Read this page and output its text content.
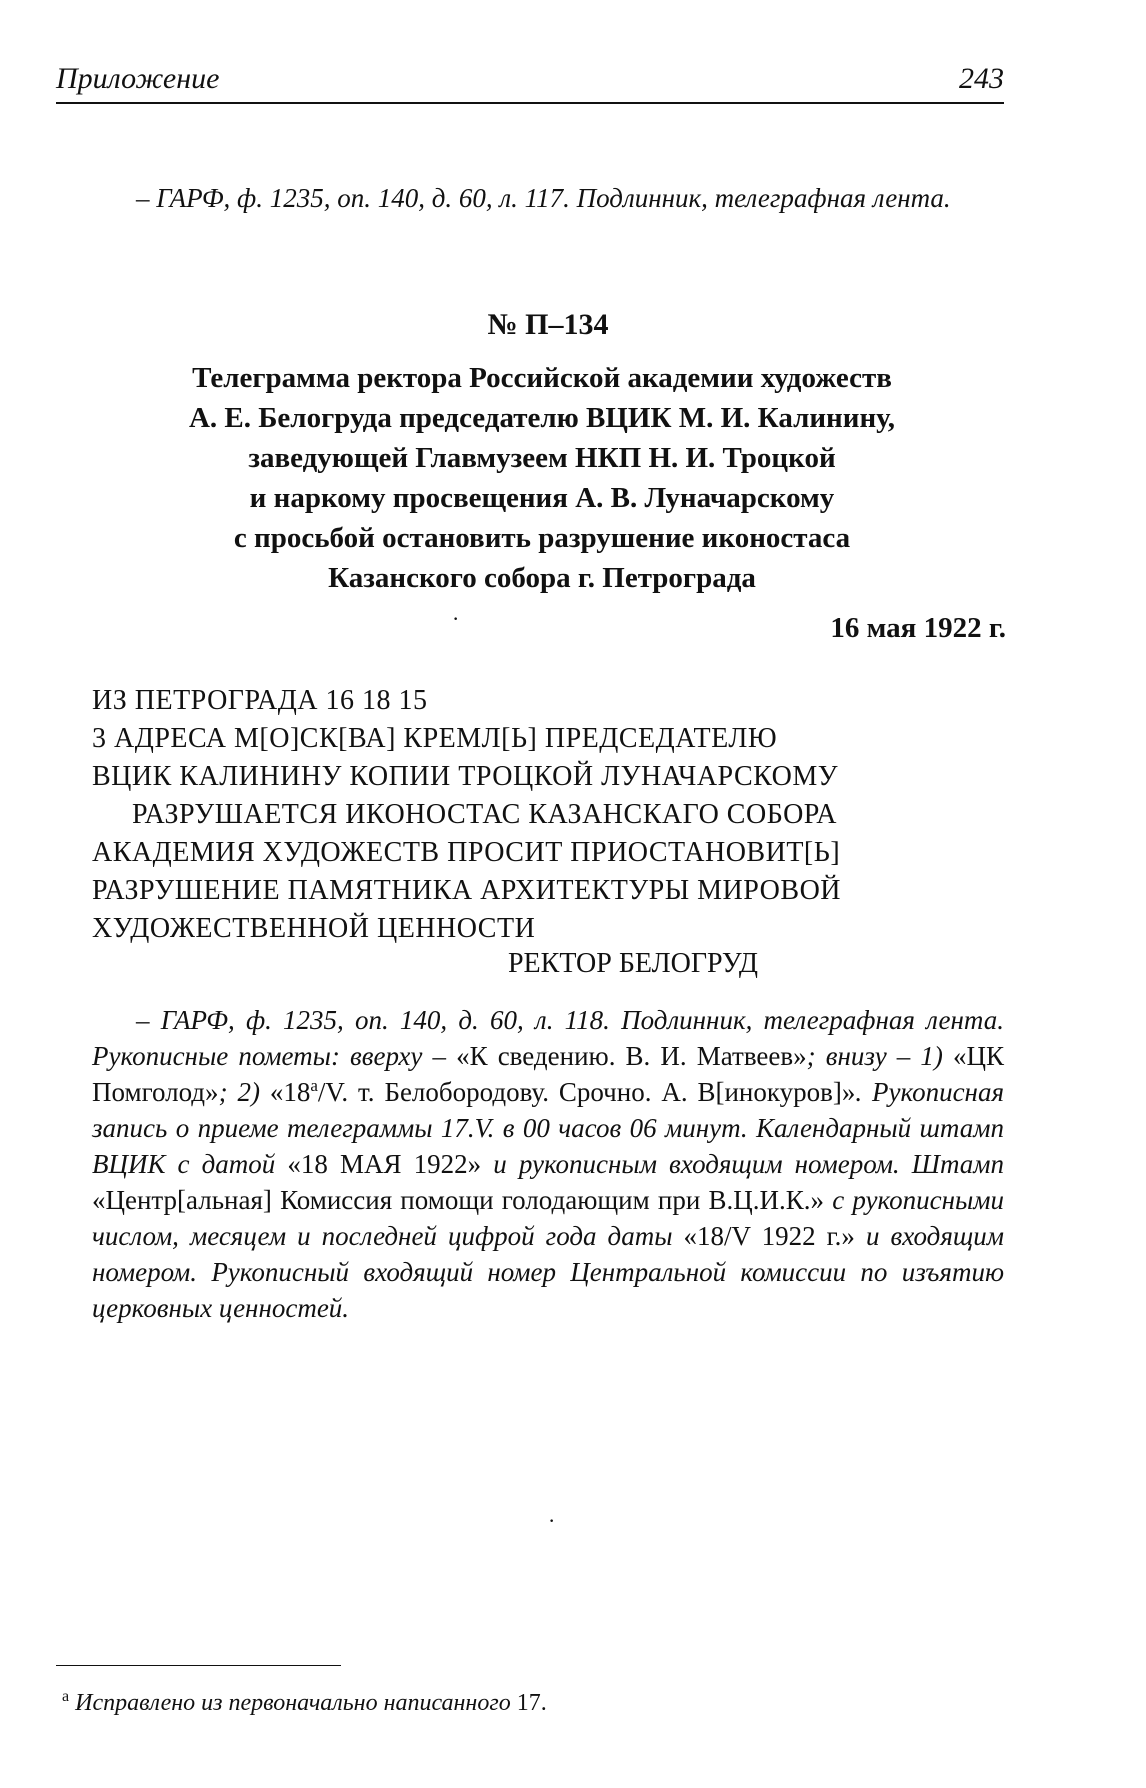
Приложение	243
– ГАРФ, ф. 1235, оп. 140, д. 60, л. 117. Подлинник, телеграфная лента.
№ П–134
Телеграмма ректора Российской академии художеств
А. Е. Белогруда председателю ВЦИК М. И. Калинину,
заведующей Главмузеем НКП Н. И. Троцкой
и наркому просвещения А. В. Луначарскому
с просьбой остановить разрушение иконостаса
Казанского собора г. Петрограда
·	16 мая 1922 г.
ИЗ ПЕТРОГРАДА 16 18 15
3 АДРЕСА М[О]СК[ВА] КРЕМЛ[Ь] ПРЕДСЕДАТЕЛЮ
ВЦИК КАЛИНИНУ КОПИИ ТРОЦКОЙ ЛУНАЧАРСКОМУ
РАЗРУШАЕТСЯ ИКОНОСТАС КАЗАНСКАГО СОБОРА
АКАДЕМИЯ ХУДОЖЕСТВ ПРОСИТ ПРИОСТАНОВИТ[Ь]
РАЗРУШЕНИЕ ПАМЯТНИКА АРХИТЕКТУРЫ МИРОВОЙ
ХУДОЖЕСТВЕННОЙ ЦЕННОСТИ
РЕКТОР БЕЛОГРУД
– ГАРФ, ф. 1235, оп. 140, д. 60, л. 118. Подлинник, телеграфная лента. Рукописные пометы: вверху – «К сведению. В. И. Матвеев»; внизу – 1) «ЦК Помголод»; 2) «$18^а/V$. т. Белобородову. Срочно. А. В[инокуров]». Рукописная запись о приеме телеграммы 17.V. в 00 часов 06 минут. Календарный штамп ВЦИК с датой «18 МАЯ 1922» и рукописным входящим номером. Штамп «Центр[альная] Комиссия помощи голодающим при В.Ц.И.К.» с рукописными числом, месяцем и последней цифрой года даты «18/V 1922 г.» и входящим номером. Рукописный входящий номер Центральной комиссии по изъятию церковных ценностей.
·
$^а$ Исправлено из первоначально написанного 17.
